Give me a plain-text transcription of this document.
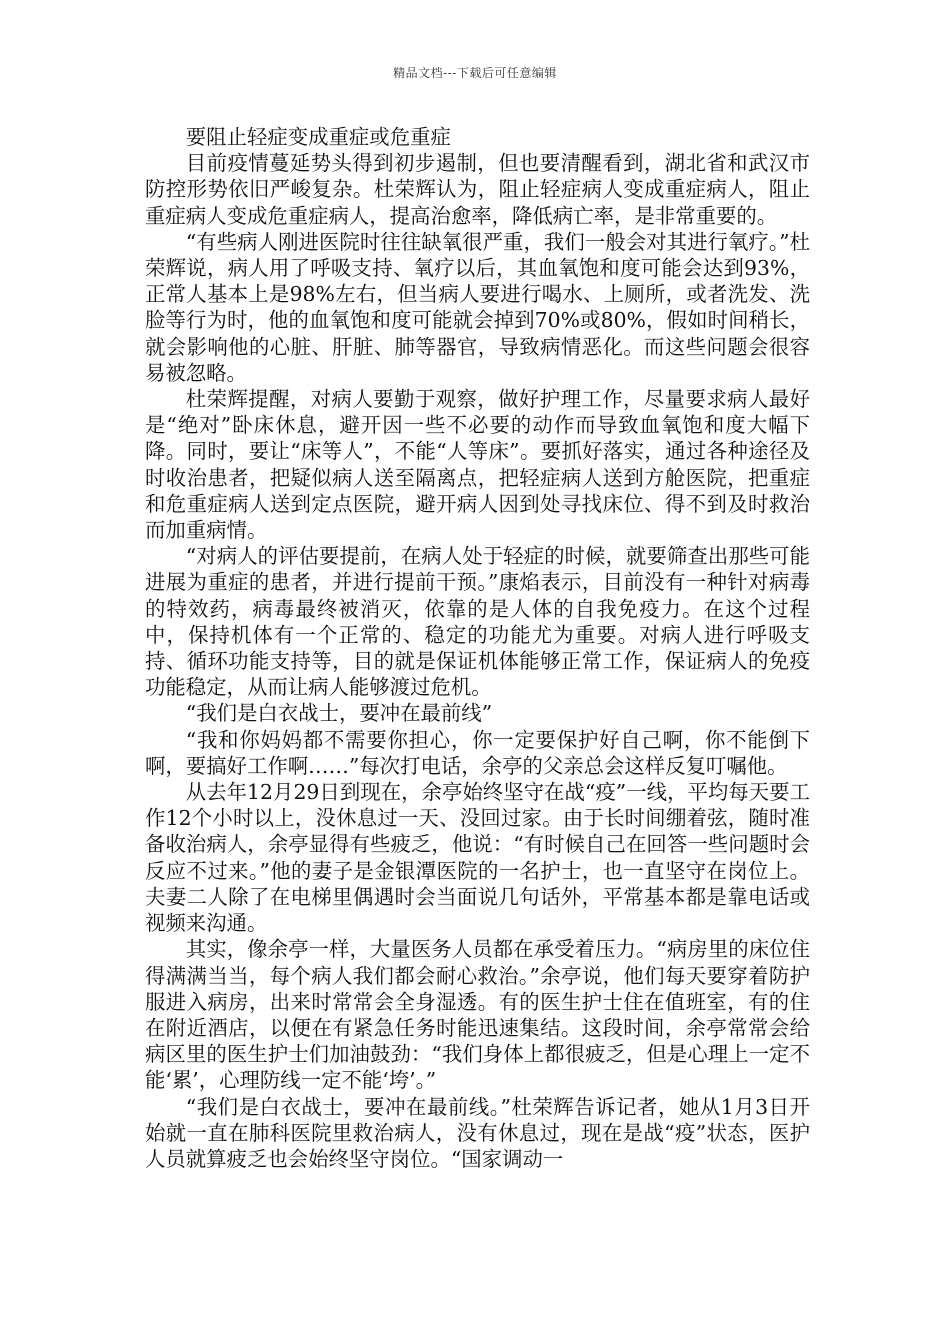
精品文档---下载后可任意编辑

要阻止轻症变成重症或危重症

目前疫情蔓延势头得到初步遏制，但也要清醒看到，湖北省和武汉市防控形势依旧严峻复杂。杜荣辉认为，阻止轻症病人变成重症病人，阻止重症病人变成危重症病人，提高治愈率，降低病亡率，是非常重要的。

“有些病人刚进医院时往往缺氧很严重，我们一般会对其进行氧疗。”杜荣辉说，病人用了呼吸支持、氧疗以后，其血氧饱和度可能会达到93%，正常人基本上是98%左右，但当病人要进行喝水、上厕所，或者洗发、洗脸等行为时，他的血氧饱和度可能就会掉到70%或80%，假如时间稍长，就会影响他的心脏、肝脏、肺等器官，导致病情恶化。而这些问题会很容易被忽略。

杜荣辉提醒，对病人要勤于观察，做好护理工作，尽量要求病人最好是“绝对”卧床休息，避开因一些不必要的动作而导致血氧饱和度大幅下降。同时，要让“床等人”，不能“人等床”。要抓好落实，通过各种途径及时收治患者，把疑似病人送至隔离点，把轻症病人送到方舱医院，把重症和危重症病人送到定点医院，避开病人因到处寻找床位、得不到及时救治而加重病情。

“对病人的评估要提前，在病人处于轻症的时候，就要筛查出那些可能进展为重症的患者，并进行提前干预。”康焰表示，目前没有一种针对病毒的特效药，病毒最终被消灭，依靠的是人体的自我免疫力。在这个过程中，保持机体有一个正常的、稳定的功能尤为重要。对病人进行呼吸支持、循环功能支持等，目的就是保证机体能够正常工作，保证病人的免疫功能稳定，从而让病人能够渡过危机。

“我们是白衣战士，要冲在最前线”

“我和你妈妈都不需要你担心，你一定要保护好自己啊，你不能倒下啊，要搞好工作啊……”每次打电话，余亭的父亲总会这样反复叮嘱他。

从去年12月29日到现在，余亭始终坚守在战“疫”一线，平均每天要工作12个小时以上，没休息过一天、没回过家。由于长时间绷着弦，随时准备收治病人，余亭显得有些疲乏，他说：“有时候自己在回答一些问题时会反应不过来。”他的妻子是金银潭医院的一名护士，也一直坚守在岗位上。夫妻二人除了在电梯里偶遇时会当面说几句话外，平常基本都是靠电话或视频来沟通。

其实，像余亭一样，大量医务人员都在承受着压力。“病房里的床位住得满满当当，每个病人我们都会耐心救治。”余亭说，他们每天要穿着防护服进入病房，出来时常常会全身湿透。有的医生护士住在值班室，有的住在附近酒店，以便在有紧急任务时能迅速集结。这段时间，余亭常常会给病区里的医生护士们加油鼓劲：“我们身体上都很疲乏，但是心理上一定不能‘累’，心理防线一定不能‘垮’。”

“我们是白衣战士，要冲在最前线。”杜荣辉告诉记者，她从1月3日开始就一直在肺科医院里救治病人，没有休息过，现在是战“疫”状态，医护人员就算疲乏也会始终坚守岗位。“国家调动一
